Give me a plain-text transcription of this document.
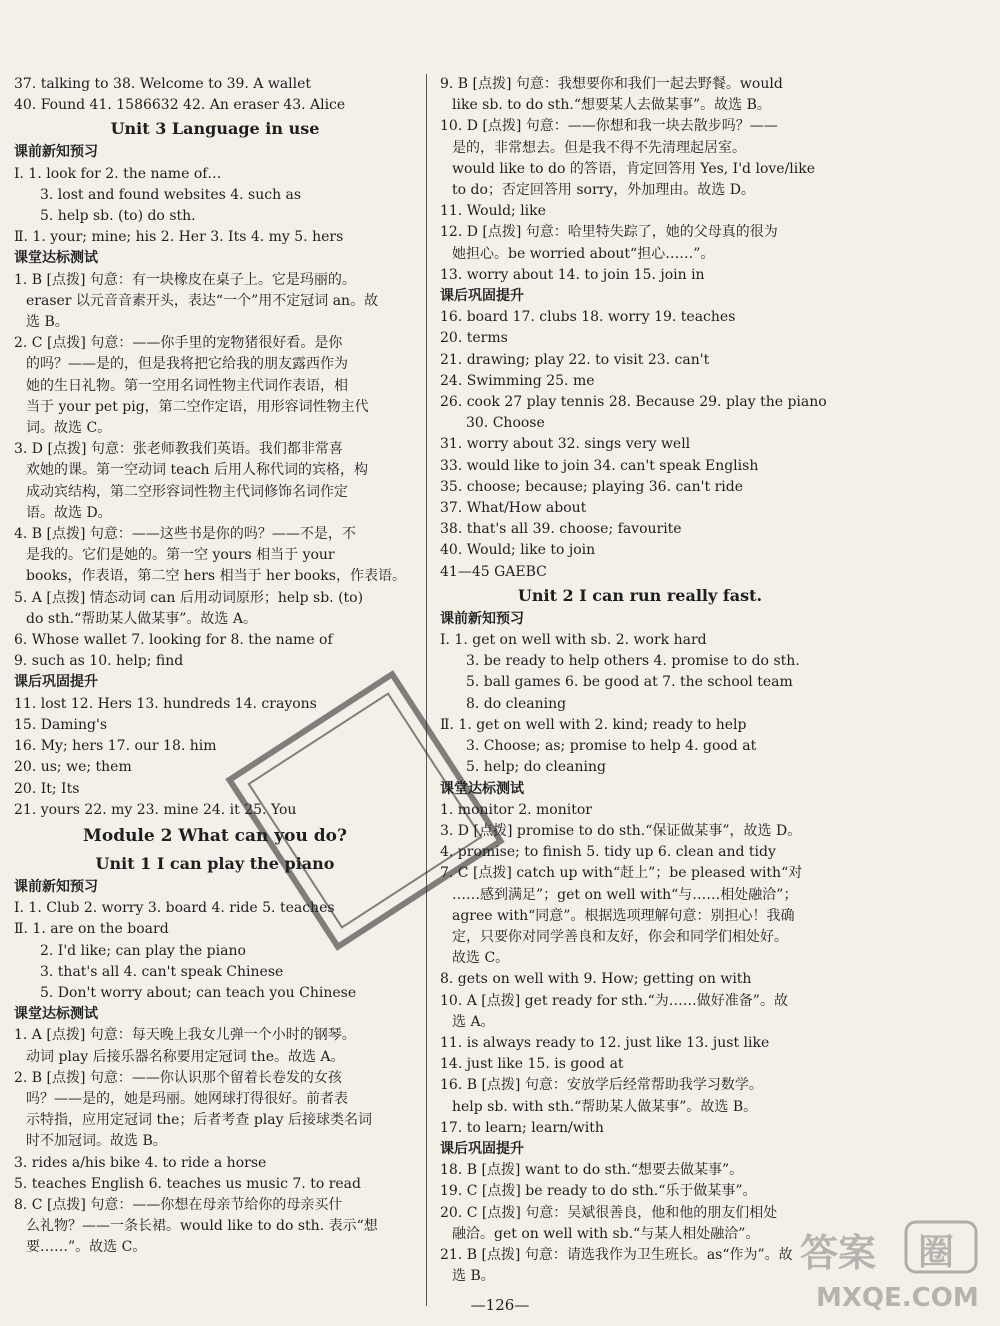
37. talking to 38. Welcome to 39. A wallet
40. Found 41. 1586632 42. An eraser 43. Alice
Unit 3 Language in use
课前新知预习
Ⅰ. 1. look for 2. the name of…
3. lost and found websites 4. such as
5. help sb. (to) do sth.
Ⅱ. 1. your; mine; his 2. Her 3. Its 4. my 5. hers
课堂达标测试
1. B [点拨] 句意：有一块橡皮在桌子上。它是玛丽的。
eraser 以元音音素开头，表达“一个”用不定冠词 an。故
选 B。
2. C [点拨] 句意：——你手里的宠物猪很好看。是你
的吗？——是的，但是我将把它给我的朋友露西作为
她的生日礼物。第一空用名词性物主代词作表语，相
当于 your pet pig，第二空作定语，用形容词性物主代
词。故选 C。
3. D [点拨] 句意：张老师教我们英语。我们都非常喜
欢她的课。第一空动词 teach 后用人称代词的宾格，构
成动宾结构，第二空形容词性物主代词修饰名词作定
语。故选 D。
4. B [点拨] 句意：——这些书是你的吗？——不是，不
是我的。它们是她的。第一空 yours 相当于 your
books，作表语，第二空 hers 相当于 her books，作表语。
5. A [点拨] 情态动词 can 后用动词原形；help sb. (to)
do sth.“帮助某人做某事”。故选 A。
6. Whose wallet 7. looking for 8. the name of
9. such as 10. help; find
课后巩固提升
11. lost 12. Hers 13. hundreds 14. crayons
15. Daming's
16. My; hers 17. our 18. him
20. us; we; them
20. It; Its
21. yours 22. my 23. mine 24. it 25. You
Module 2 What can you do?
Unit 1 I can play the piano
课前新知预习
Ⅰ. 1. Club 2. worry 3. board 4. ride 5. teaches
Ⅱ. 1. are on the board
2. I'd like; can play the piano
3. that's all 4. can't speak Chinese
5. Don't worry about; can teach you Chinese
课堂达标测试
1. A [点拨] 句意：每天晚上我女儿弹一个小时的钢琴。
动词 play 后接乐器名称要用定冠词 the。故选 A。
2. B [点拨] 句意：——你认识那个留着长卷发的女孩
吗？——是的，她是玛丽。她网球打得很好。前者表
示特指，应用定冠词 the；后者考查 play 后接球类名词
时不加冠词。故选 B。
3. rides a/his bike 4. to ride a horse
5. teaches English 6. teaches us music 7. to read
8. C [点拨] 句意：——你想在母亲节给你的母亲买什
么礼物？——一条长裙。would like to do sth. 表示“想
要……”。故选 C。
9. B [点拨] 句意：我想要你和我们一起去野餐。would
like sb. to do sth.“想要某人去做某事”。故选 B。
10. D [点拨] 句意：——你想和我一块去散步吗？——
是的，非常想去。但是我不得不先清理起居室。
would like to do 的答语，肯定回答用 Yes, I'd love/like
to do；否定回答用 sorry，外加理由。故选 D。
11. Would; like
12. D [点拨] 句意：哈里特失踪了，她的父母真的很为
她担心。be worried about“担心……”。
13. worry about 14. to join 15. join in
课后巩固提升
16. board 17. clubs 18. worry 19. teaches
20. terms
21. drawing; play 22. to visit 23. can't
24. Swimming 25. me
26. cook 27 play tennis 28. Because 29. play the piano
30. Choose
31. worry about 32. sings very well
33. would like to join 34. can't speak English
35. choose; because; playing 36. can't ride
37. What/How about
38. that's all 39. choose; favourite
40. Would; like to join
41—45 GAEBC
Unit 2 I can run really fast.
课前新知预习
Ⅰ. 1. get on well with sb. 2. work hard
3. be ready to help others 4. promise to do sth.
5. ball games 6. be good at 7. the school team
8. do cleaning
Ⅱ. 1. get on well with 2. kind; ready to help
3. Choose; as; promise to help 4. good at
5. help; do cleaning
课堂达标测试
1. monitor 2. monitor
3. D [点拨] promise to do sth.“保证做某事”，故选 D。
4. promise; to finish 5. tidy up 6. clean and tidy
7. C [点拨] catch up with“赶上”；be pleased with“对
……感到满足”；get on well with“与……相处融洽”；
agree with“同意”。根据选项理解句意：别担心！我确
定，只要你对同学善良和友好，你会和同学们相处好。
故选 C。
8. gets on well with 9. How; getting on with
10. A [点拨] get ready for sth.“为……做好准备”。故
选 A。
11. is always ready to 12. just like 13. just like
14. just like 15. is good at
16. B [点拨] 句意：安放学后经常帮助我学习数学。
help sb. with sth.“帮助某人做某事”。故选 B。
17. to learn; learn/with
课后巩固提升
18. B [点拨] want to do sth.“想要去做某事”。
19. C [点拨] be ready to do sth.“乐于做某事”。
20. C [点拨] 句意：吴斌很善良，他和他的朋友们相处
融洽。get on well with sb.“与某人相处融洽”。
21. B [点拨] 句意：请选我作为卫生班长。as“作为”。故
选 B。
—126—
答案 圈
MXQE.COM
